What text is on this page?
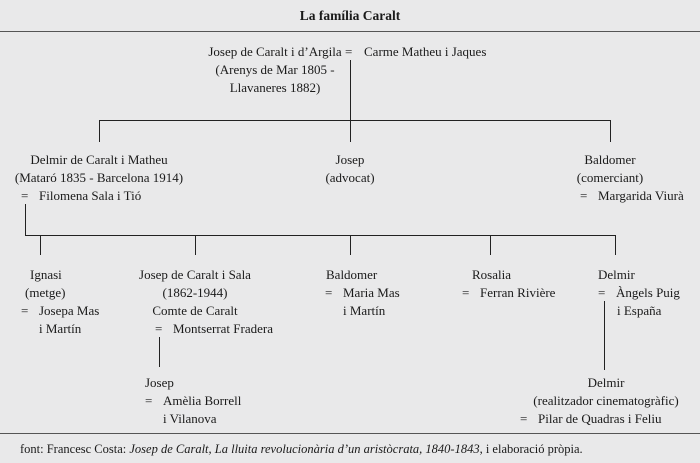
La família Caralt
Josep de Caralt i d’Argila
(Arenys de Mar 1805 -
Llavaneres 1882)
= Carme Matheu i Jaques
Delmir de Caralt i Matheu
(Mataró 1835 - Barcelona 1914)
= Filomena Sala i Tió
Josep
(advocat)
Baldomer
(comerciant)
= Margarida Viurà
Ignasi
(metge)
= Josepa Mas
i Martín
Josep de Caralt i Sala
(1862-1944)
Comte de Caralt
= Montserrat Fradera
Baldomer
= Maria Mas
i Martín
Rosalia
= Ferran Rivière
Delmir
= Àngels Puig
i España
Josep
= Amèlia Borrell
i Vilanova
Delmir
(realitzador cinematogràfic)
= Pilar de Quadras i Feliu
font: Francesc Costa: Josep de Caralt, La lluita revolucionària d’un aristòcrata, 1840-1843, i elaboració pròpia.
